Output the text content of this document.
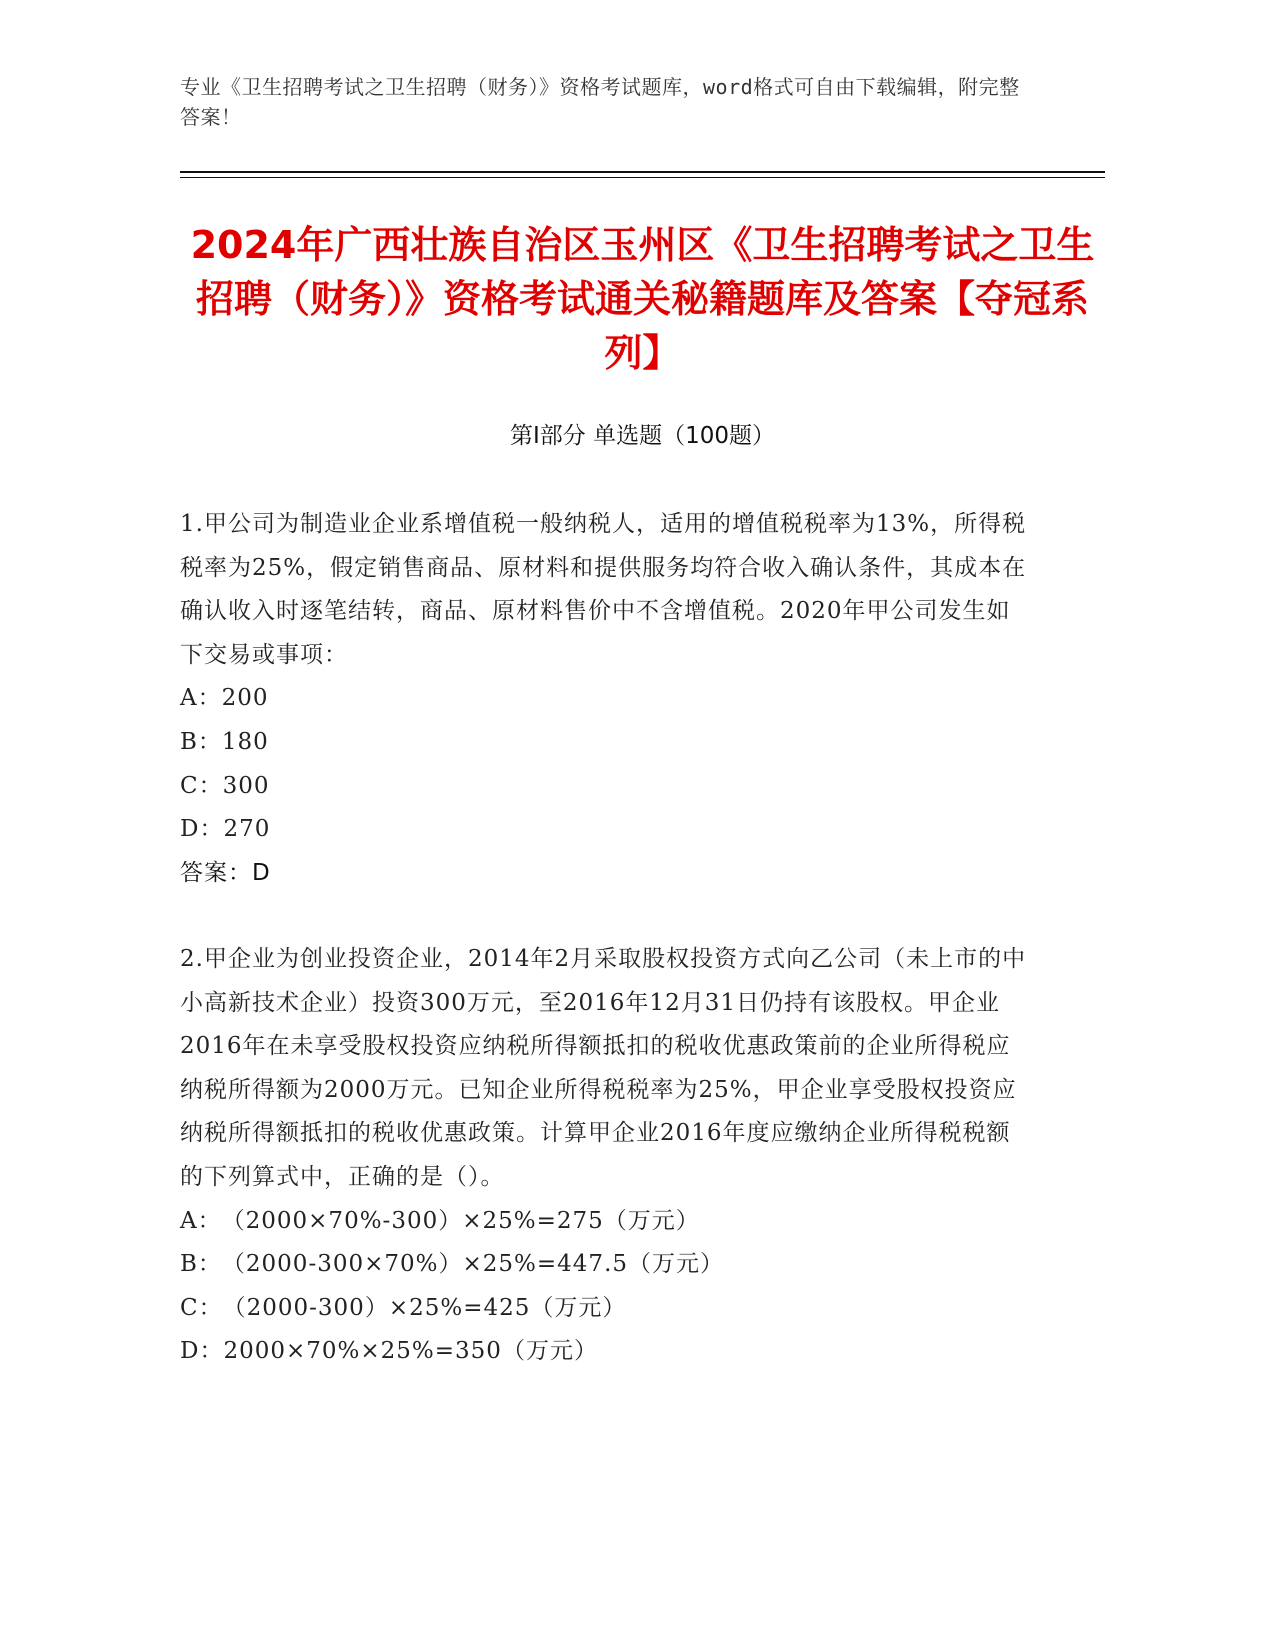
专业《卫生招聘考试之卫生招聘（财务）》资格考试题库，word格式可自由下载编辑，附完整答案！
2024年广西壮族自治区玉州区《卫生招聘考试之卫生招聘（财务）》资格考试通关秘籍题库及答案【夺冠系列】
第Ⅰ部分 单选题（100题）

1.甲公司为制造业企业系增值税一般纳税人，适用的增值税税率为13%，所得税税率为25%，假定销售商品、原材料和提供服务均符合收入确认条件，其成本在确认收入时逐笔结转，商品、原材料售价中不含增值税。2020年甲公司发生如下交易或事项：

A：200
B：180
C：300
D：270

答案：D

2.甲企业为创业投资企业，2014年2月采取股权投资方式向乙公司（未上市的中小高新技术企业）投资300万元，至2016年12月31日仍持有该股权。甲企业2016年在未享受股权投资应纳税所得额抵扣的税收优惠政策前的企业所得税应纳税所得额为2000万元。已知企业所得税税率为25%，甲企业享受股权投资应纳税所得额抵扣的税收优惠政策。计算甲企业2016年度应缴纳企业所得税税额的下列算式中，正确的是（）。

A：（2000×70%-300）×25%=275（万元）
B：（2000-300×70%）×25%=447.5（万元）
C：（2000-300）×25%=425（万元）
D：2000×70%×25%=350（万元）
